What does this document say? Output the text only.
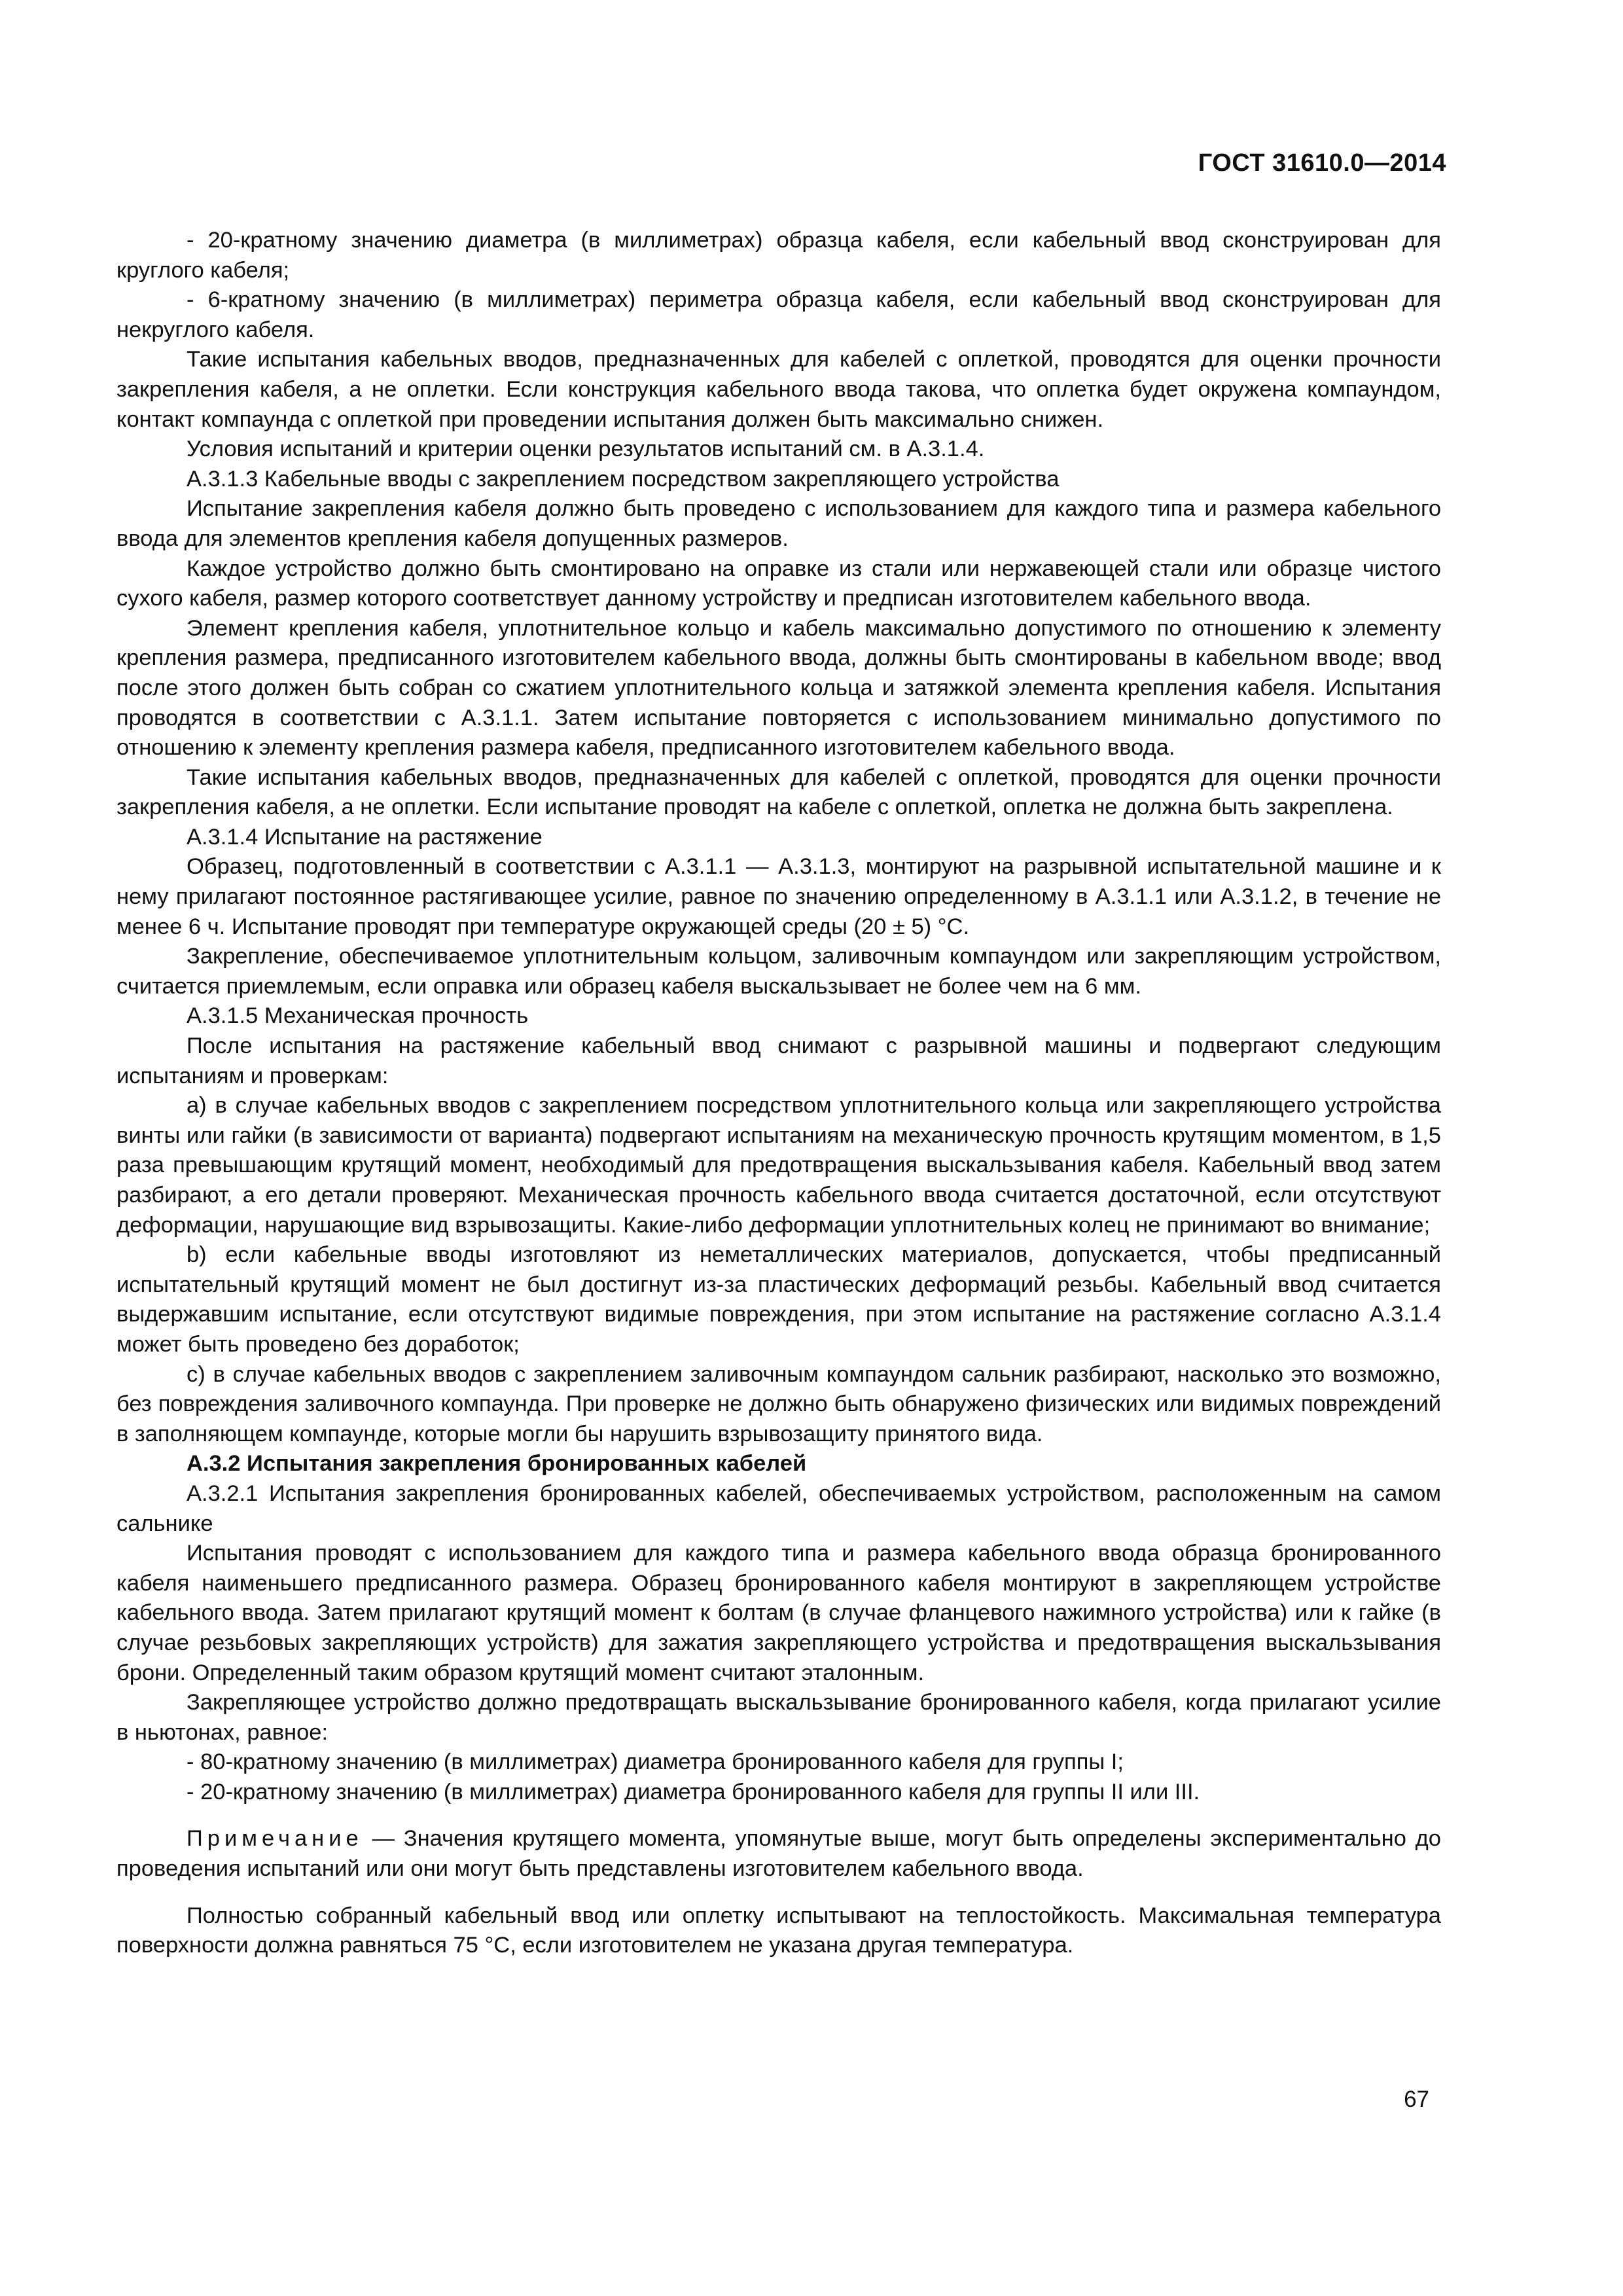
ГОСТ 31610.0—2014

- 20-кратному значению диаметра (в миллиметрах) образца кабеля, если кабельный ввод сконструирован для круглого кабеля;

- 6-кратному значению (в миллиметрах) периметра образца кабеля, если кабельный ввод сконструирован для некруглого кабеля.

Такие испытания кабельных вводов, предназначенных для кабелей с оплеткой, проводятся для оценки прочности закрепления кабеля, а не оплетки. Если конструкция кабельного ввода такова, что оплетка будет окружена компаундом, контакт компаунда с оплеткой при проведении испытания должен быть максимально снижен.

Условия испытаний и критерии оценки результатов испытаний см. в А.3.1.4.

А.3.1.3 Кабельные вводы с закреплением посредством закрепляющего устройства

Испытание закрепления кабеля должно быть проведено с использованием для каждого типа и размера кабельного ввода для элементов крепления кабеля допущенных размеров.

Каждое устройство должно быть смонтировано на оправке из стали или нержавеющей стали или образце чистого сухого кабеля, размер которого соответствует данному устройству и предписан изготовителем кабельного ввода.

Элемент крепления кабеля, уплотнительное кольцо и кабель максимально допустимого по отношению к элементу крепления размера, предписанного изготовителем кабельного ввода, должны быть смонтированы в кабельном вводе; ввод после этого должен быть собран со сжатием уплотнительного кольца и затяжкой элемента крепления кабеля. Испытания проводятся в соответствии с А.3.1.1. Затем испытание повторяется с использованием минимально допустимого по отношению к элементу крепления размера кабеля, предписанного изготовителем кабельного ввода.

Такие испытания кабельных вводов, предназначенных для кабелей с оплеткой, проводятся для оценки прочности закрепления кабеля, а не оплетки. Если испытание проводят на кабеле с оплеткой, оплетка не должна быть закреплена.

А.3.1.4 Испытание на растяжение

Образец, подготовленный в соответствии с А.3.1.1 — А.3.1.3, монтируют на разрывной испытательной машине и к нему прилагают постоянное растягивающее усилие, равное по значению определенному в А.3.1.1 или А.3.1.2, в течение не менее 6 ч. Испытание проводят при температуре окружающей среды (20 ± 5) °С.

Закрепление, обеспечиваемое уплотнительным кольцом, заливочным компаундом или закрепляющим устройством, считается приемлемым, если оправка или образец кабеля выскальзывает не более чем на 6 мм.

А.3.1.5 Механическая прочность

После испытания на растяжение кабельный ввод снимают с разрывной машины и подвергают следующим испытаниям и проверкам:

а) в случае кабельных вводов с закреплением посредством уплотнительного кольца или закрепляющего устройства винты или гайки (в зависимости от варианта) подвергают испытаниям на механическую прочность крутящим моментом, в 1,5 раза превышающим крутящий момент, необходимый для предотвращения выскальзывания кабеля. Кабельный ввод затем разбирают, а его детали проверяют. Механическая прочность кабельного ввода считается достаточной, если отсутствуют деформации, нарушающие вид взрывозащиты. Какие-либо деформации уплотнительных колец не принимают во внимание;

b) если кабельные вводы изготовляют из неметаллических материалов, допускается, чтобы предписанный испытательный крутящий момент не был достигнут из-за пластических деформаций резьбы. Кабельный ввод считается выдержавшим испытание, если отсутствуют видимые повреждения, при этом испытание на растяжение согласно А.3.1.4 может быть проведено без доработок;

с) в случае кабельных вводов с закреплением заливочным компаундом сальник разбирают, насколько это возможно, без повреждения заливочного компаунда. При проверке не должно быть обнаружено физических или видимых повреждений в заполняющем компаунде, которые могли бы нарушить взрывозащиту принятого вида.

А.3.2 Испытания закрепления бронированных кабелей

А.3.2.1 Испытания закрепления бронированных кабелей, обеспечиваемых устройством, расположенным на самом сальнике

Испытания проводят с использованием для каждого типа и размера кабельного ввода образца бронированного кабеля наименьшего предписанного размера. Образец бронированного кабеля монтируют в закрепляющем устройстве кабельного ввода. Затем прилагают крутящий момент к болтам (в случае фланцевого нажимного устройства) или к гайке (в случае резьбовых закрепляющих устройств) для зажатия закрепляющего устройства и предотвращения выскальзывания брони. Определенный таким образом крутящий момент считают эталонным.

Закрепляющее устройство должно предотвращать выскальзывание бронированного кабеля, когда прилагают усилие в ньютонах, равное:

- 80-кратному значению (в миллиметрах) диаметра бронированного кабеля для группы I;

- 20-кратному значению (в миллиметрах) диаметра бронированного кабеля для группы II или III.

Примечание — Значения крутящего момента, упомянутые выше, могут быть определены экспериментально до проведения испытаний или они могут быть представлены изготовителем кабельного ввода.

Полностью собранный кабельный ввод или оплетку испытывают на теплостойкость. Максимальная температура поверхности должна равняться 75 °С, если изготовителем не указана другая температура.

67
